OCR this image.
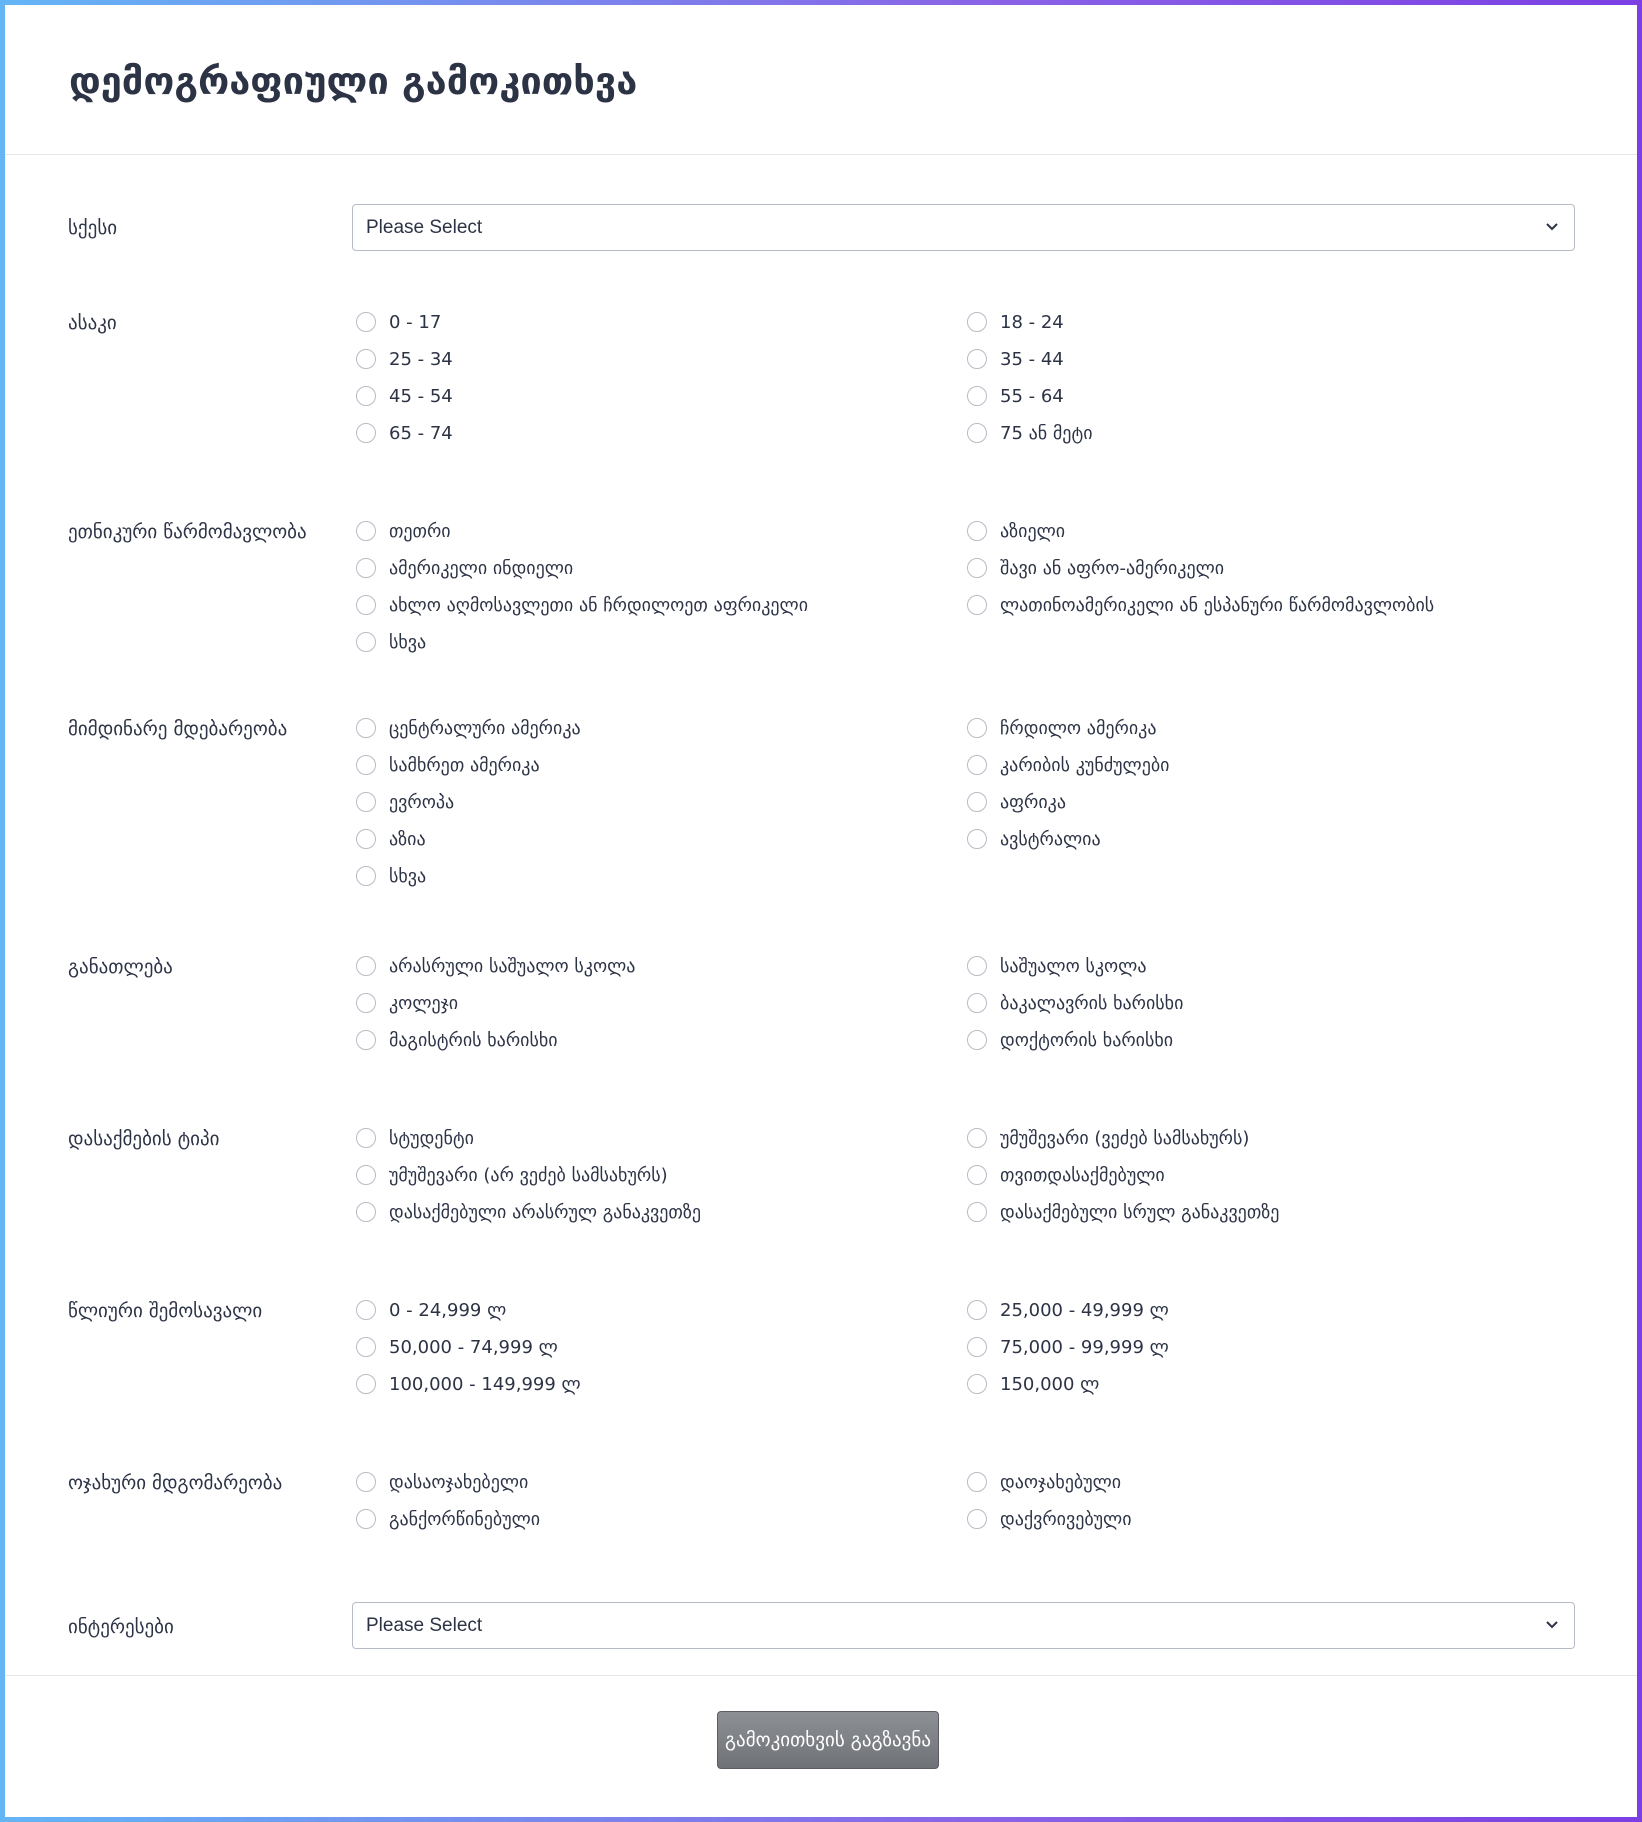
დემოგრაფიული გამოკითხვა
სქესი	Please Select
ასაკი	0 - 17	18 - 24
25 - 34	35 - 44
45 - 54	55 - 64
65 - 74	75 ან მეტი
ეთნიკური წარმომავლობა	თეთრი	აზიელი
ამერიკელი ინდიელი	შავი ან აფრო-ამერიკელი
ახლო აღმოსავლეთი ან ჩრდილოეთ აფრიკელი	ლათინოამერიკელი ან ესპანური წარმომავლობის
სხვა
მიმდინარე მდებარეობა	ცენტრალური ამერიკა	ჩრდილო ამერიკა
სამხრეთ ამერიკა	კარიბის კუნძულები
ევროპა	აფრიკა
აზია	ავსტრალია
სხვა
განათლება	არასრული საშუალო სკოლა	საშუალო სკოლა
კოლეჯი	ბაკალავრის ხარისხი
მაგისტრის ხარისხი	დოქტორის ხარისხი
დასაქმების ტიპი	სტუდენტი	უმუშევარი (ვეძებ სამსახურს)
უმუშევარი (არ ვეძებ სამსახურს)	თვითდასაქმებული
დასაქმებული არასრულ განაკვეთზე	დასაქმებული სრულ განაკვეთზე
წლიური შემოსავალი	0 - 24,999 ლ	25,000 - 49,999 ლ
50,000 - 74,999 ლ	75,000 - 99,999 ლ
100,000 - 149,999 ლ	150,000 ლ
ოჯახური მდგომარეობა	დასაოჯახებელი	დაოჯახებული
განქორწინებული	დაქვრივებული
ინტერესები	Please Select
გამოკითხვის გაგზავნა
